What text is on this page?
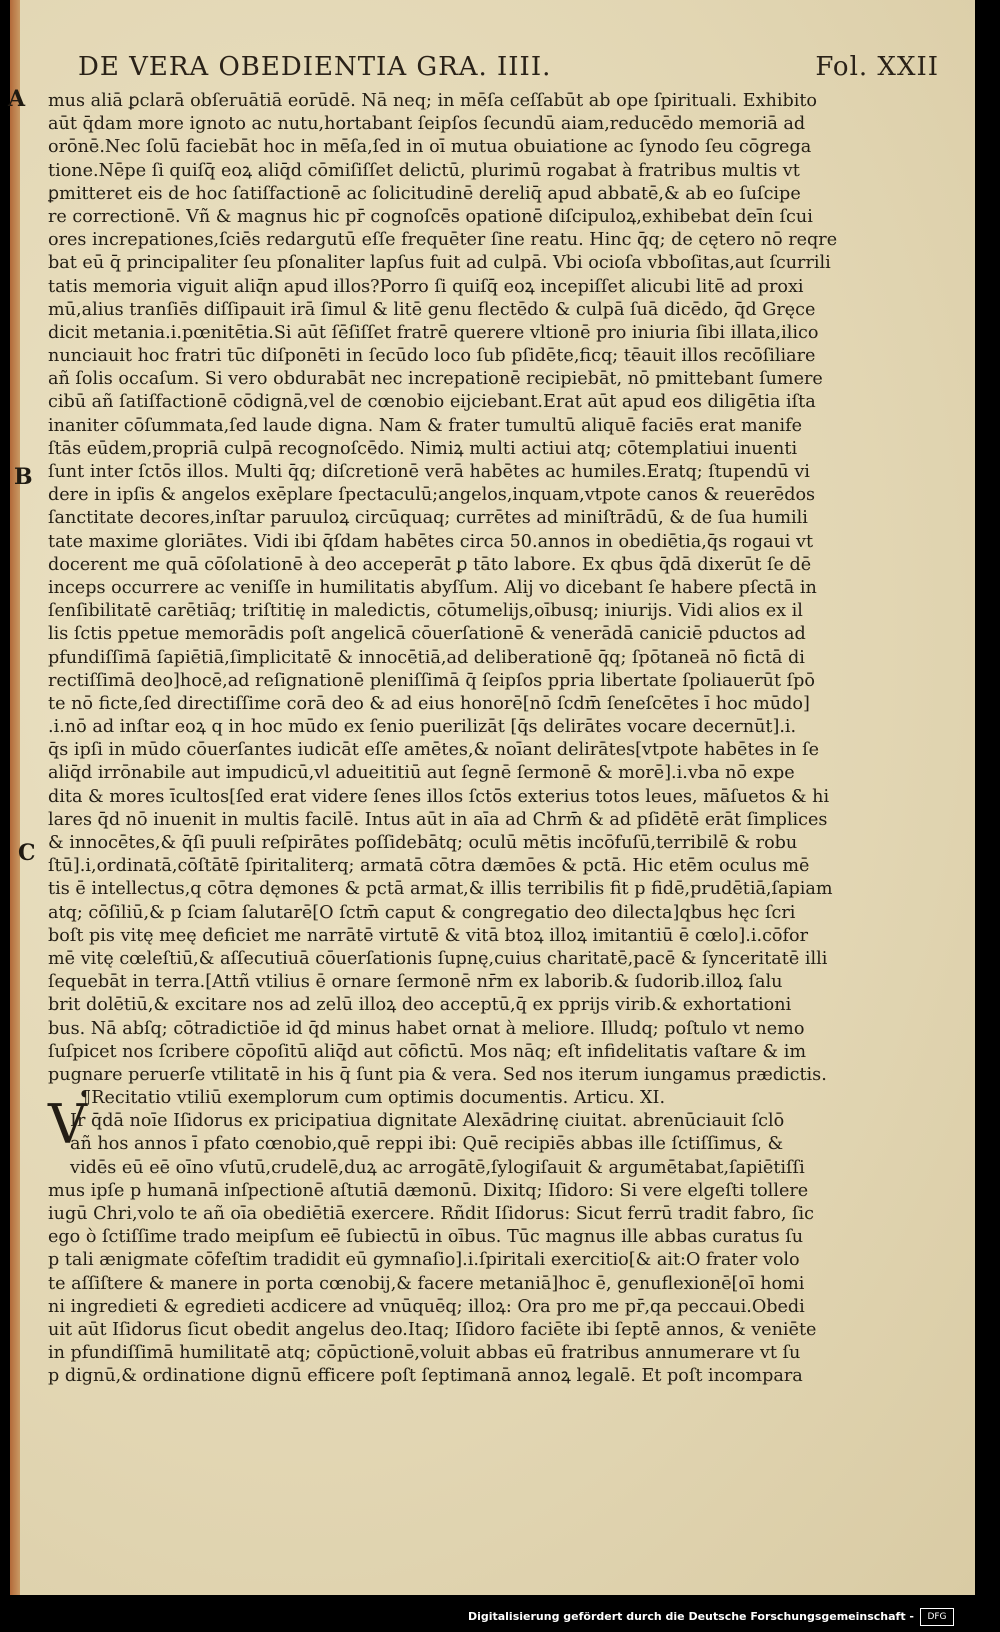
DE VERA OBEDIENTIA GRA. IIII.	Fol. XXII
A
B
C
V
mus aliā ꝑclarā obſeruātiā eorūdē. Nā neq; in mēſa ceſſabūt ab ope ſpirituali. Exhibito
aūt q̄dam more ignoto ac nutu,hortabant ſeipſos ſecundū aiam,reducēdo memoriā ad
orōnē.Nec ſolū faciebāt hoc in mēſa,ſed in oī mutua obuiatione ac ſynodo ſeu cōgrega
tione.Nēpe ſi quiſq̄ eoꝝ aliq̄d cōmiſiſſet delictū, plurimū rogabat à fratribus multis vt
ꝑmitteret eis de hoc ſatiſfactionē ac ſolicitudinē dereliq̄ apud abbatē,& ab eo ſuſcipe
re correctionē. Vñ & magnus hic pr̄ cognoſcēs opationē diſcipuloꝝ,exhibebat deīn ſcui
ores increpationes,ſciēs redargutū eſſe frequēter ſine reatu. Hinc q̄q; de cętero nō reqre
bat eū q̄ principaliter ſeu pſonaliter lapſus fuit ad culpā. Vbi ocioſa vbboſitas,aut ſcurrili
tatis memoria viguit aliq̄n apud illos?Porro ſi quiſq̄ eoꝝ incepiſſet alicubi litē ad proxi
mū,alius tranſiēs diſſipauit irā ſimul & litē genu flectēdo & culpā ſuā dicēdo, q̄d Gręce
dicit metania.i.pœnitētia.Si aūt ſēſiſſet fratrē querere vltionē pro iniuria ſibi illata,ilico
nunciauit hoc fratri tūc diſponēti in ſecūdo loco ſub pſidēte,ficq; tēauit illos recōſiliare
añ ſolis occaſum. Si vero obdurabāt nec increpationē recipiebāt, nō pmittebant ſumere
cibū añ ſatiſfactionē cōdignā,vel de cœnobio eijciebant.Erat aūt apud eos diligētia iſta
inaniter cōſummata,ſed laude digna. Nam & frater tumultū aliquē faciēs erat manife
ſtās eūdem,propriā culpā recognoſcēdo. Nimiꝝ multi actiui atq; cōtemplatiui inuenti
ſunt inter ſctōs illos. Multi q̄q; diſcretionē verā habētes ac humiles.Eratq; ſtupendū vi
dere in ipſis & angelos exēplare ſpectaculū;angelos,inquam,vtpote canos & reuerēdos
ſanctitate decores,inſtar paruuloꝝ circūquaq; currētes ad miniſtrādū, & de ſua humili
tate maxime gloriātes. Vidi ibi q̄ſdam habētes circa 50.annos in obediētia,q̄s rogaui vt
docerent me quā cōſolationē à deo acceperāt ꝑ tāto labore. Ex qbus q̄dā dixerūt ſe dē
inceps occurrere ac veniſſe in humilitatis abyſſum. Alij vo dicebant ſe habere pſectā in
ſenſibilitatē carētiāq; triſtitię in maledictis, cōtumelijs,oībusq; iniurijs. Vidi alios ex il
lis ſctis ppetue memorādis poſt angelicā cōuerſationē & venerādā caniciē pductos ad
pfundiſſimā ſapiētiā,ſimplicitatē & innocētiā,ad deliberationē q̄q; ſpōtaneā nō fictā di
rectiſſimā deo]hocē,ad reſignationē pleniſſimā q̄ ſeipſos ppria libertate ſpoliauerūt ſpō
te nō ficte,ſed directiſſime corā deo & ad eius honorē[nō ſcdm̄ ſeneſcētes ī hoc mūdo]
.i.nō ad inſtar eoꝝ q in hoc mūdo ex ſenio puerilizāt [q̄s delirātes vocare decernūt].i.
q̄s ipſi in mūdo cōuerſantes iudicāt eſſe amētes,& noīant delirātes[vtpote habētes in ſe
aliq̄d irrōnabile aut impudicū,vl adueititiū aut ſegnē ſermonē & morē].i.vba nō expe
dita & mores īcultos[ſed erat videre ſenes illos ſctōs exterius totos leues, māſuetos & hi
lares q̄d nō inuenit in multis facilē. Intus aūt in aīa ad Chrm̄ & ad pſidētē erāt ſimplices
& innocētes,& q̄ſi puuli reſpirātes poſſidebātq; oculū mētis incōfuſū,terribilē & robu
ſtū].i,ordinatā,cōſtātē ſpiritaliterq; armatā cōtra dæmōes & pctā. Hic etēm oculus mē
tis ē intellectus,q cōtra dęmones & pctā armat,& illis terribilis fit p fidē,prudētiā,ſapiam
atq; cōſiliū,& p ſciam ſalutarē[O ſctm̄ caput & congregatio deo dilecta]qbus hęc ſcri
boſt pis vitę meę deficiet me narrātē virtutē & vitā btoꝝ illoꝝ imitantiū ē cœlo].i.cōfor
mē vitę cœleſtiū,& aſſecutiuā cōuerſationis ſupnę,cuius charitatē,pacē & ſynceritatē illi
ſequebāt in terra.[Attñ vtilius ē ornare ſermonē nr̄m ex laborib.& ſudorib.illoꝝ ſalu
brit dolētiū,& excitare nos ad zelū illoꝝ deo acceptū,q̄ ex pprijs virib.& exhortationi
bus. Nā abſq; cōtradictiōe id q̄d minus habet ornat à meliore. Illudq; poſtulo vt nemo
ſuſpicet nos ſcribere cōpoſitū aliq̄d aut cōfictū. Mos nāq; eſt infidelitatis vaſtare & im
pugnare peruerſe vtilitatē in his q̄ ſunt pia & vera. Sed nos iterum iungamus prædictis.
¶Recitatio vtiliū exemplorum cum optimis documentis. Articu. XI.
Ir q̄dā noīe Iſidorus ex pricipatiua dignitate Alexādrinę ciuitat. abrenūciauit ſclō
añ hos annos ī pfato cœnobio,quē reppi ibi: Quē recipiēs abbas ille ſctiſſimus, &
vidēs eū eē oīno vſutū,crudelē,duꝝ ac arrogātē,ſylogiſauit & argumētabat,ſapiētiſſi
mus ipſe p humanā inſpectionē aſtutiā dæmonū. Dixitq; Iſidoro: Si vere elgeſti tollere
iugū Chri,volo te añ oīa obediētiā exercere. Rñdit Iſidorus: Sicut ferrū tradit fabro, ſic
ego ò ſctiſſime trado meipſum eē ſubiectū in oībus. Tūc magnus ille abbas curatus ſu
p tali ænigmate cōfeſtim tradidit eū gymnaſio].i.ſpiritali exercitio[& ait:O frater volo
te aſſiſtere & manere in porta cœnobij,& facere metaniā]hoc ē, genuflexionē[oī homi
ni ingredieti & egredieti acdicere ad vnūquēq; illoꝝ: Ora pro me pr̄,qa peccaui.Obedi
uit aūt Iſidorus ſicut obedit angelus deo.Itaq; Iſidoro faciēte ibi ſeptē annos, & veniēte
in pfundiſſimā humilitatē atq; cōpūctionē,voluit abbas eū fratribus annumerare vt ſu
p dignū,& ordinatione dignū efficere poſt ſeptimanā annoꝝ legalē. Et poſt incompara
Digitalisierung gefördert durch die Deutsche Forschungsgemeinschaft -	DFG
